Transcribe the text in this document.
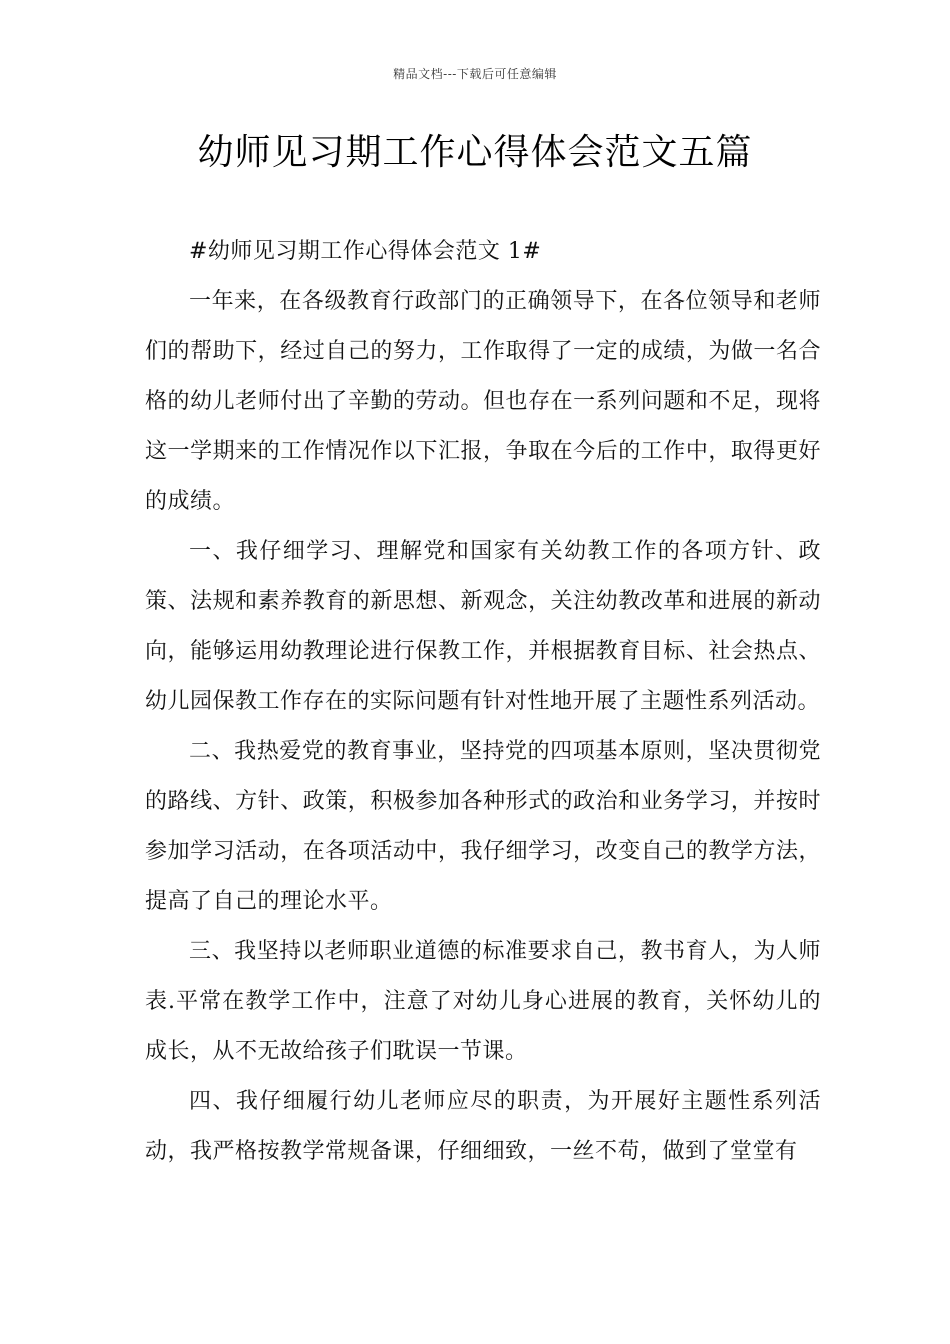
精品文档---下载后可任意编辑
幼师见习期工作心得体会范文五篇

#幼师见习期工作心得体会范文 1#

一年来，在各级教育行政部门的正确领导下，在各位领导和老师们的帮助下，经过自己的努力，工作取得了一定的成绩，为做一名合格的幼儿老师付出了辛勤的劳动。但也存在一系列问题和不足，现将这一学期来的工作情况作以下汇报，争取在今后的工作中，取得更好的成绩。

一、我仔细学习、理解党和国家有关幼教工作的各项方针、政策、法规和素养教育的新思想、新观念，关注幼教改革和进展的新动向，能够运用幼教理论进行保教工作，并根据教育目标、社会热点、幼儿园保教工作存在的实际问题有针对性地开展了主题性系列活动。

二、我热爱党的教育事业，坚持党的四项基本原则，坚决贯彻党的路线、方针、政策，积极参加各种形式的政治和业务学习，并按时参加学习活动，在各项活动中，我仔细学习，改变自己的教学方法，提高了自己的理论水平。

三、我坚持以老师职业道德的标准要求自己，教书育人，为人师表.平常在教学工作中，注意了对幼儿身心进展的教育，关怀幼儿的成长，从不无故给孩子们耽误一节课。

四、我仔细履行幼儿老师应尽的职责，为开展好主题性系列活动，我严格按教学常规备课，仔细细致，一丝不苟，做到了堂堂有
